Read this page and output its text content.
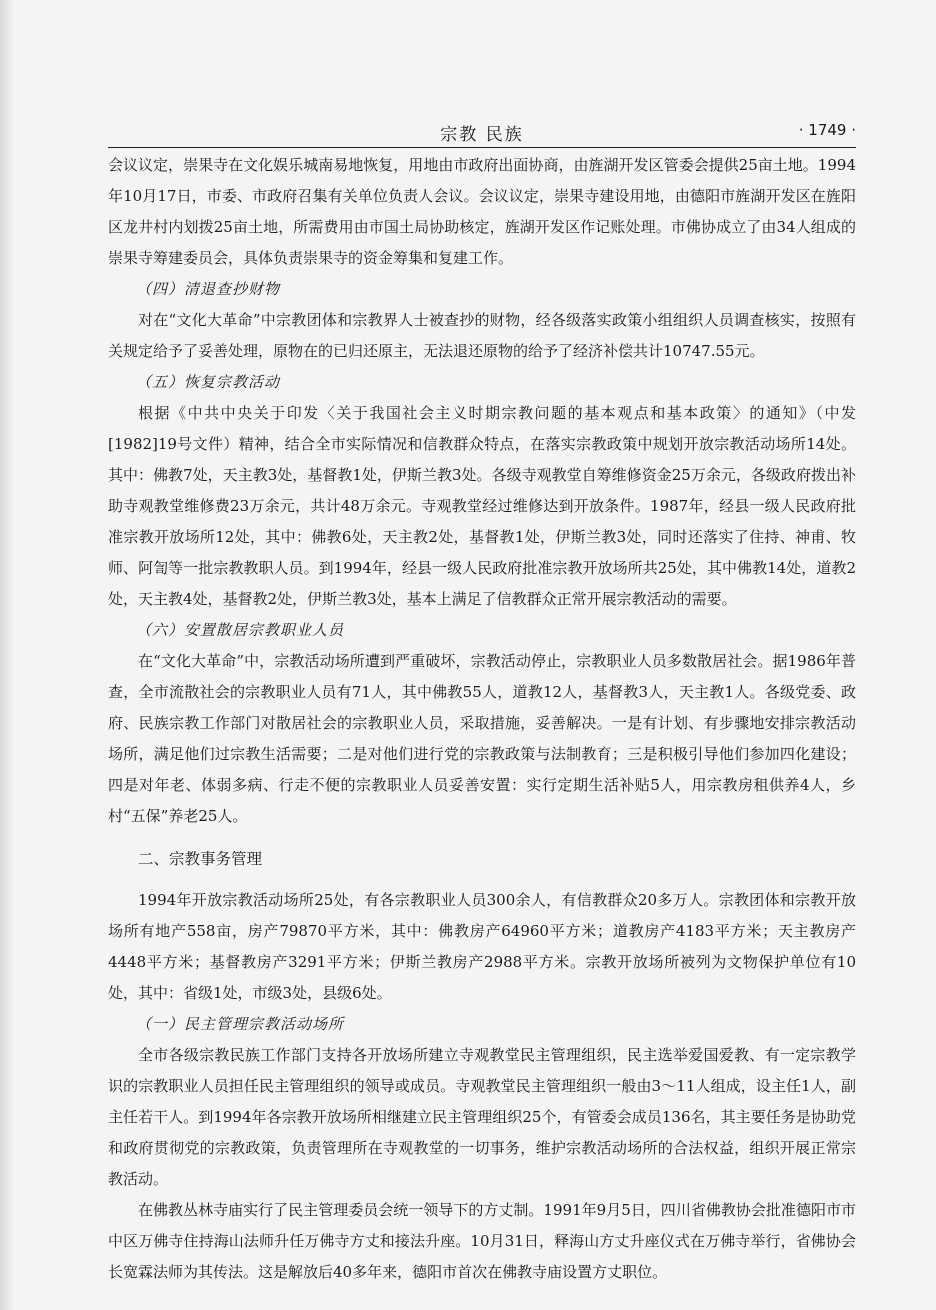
宗教 民族	· 1749 ·

会议议定，崇果寺在文化娱乐城南易地恢复，用地由市政府出面协商，由旌湖开发区管委会提供25亩土地。1994年10月17日，市委、市政府召集有关单位负责人会议。会议议定，崇果寺建设用地，由德阳市旌湖开发区在旌阳区龙井村内划拨25亩土地，所需费用由市国土局协助核定，旌湖开发区作记账处理。市佛协成立了由34人组成的崇果寺筹建委员会，具体负责崇果寺的资金筹集和复建工作。

（四）清退查抄财物

对在“文化大革命”中宗教团体和宗教界人士被查抄的财物，经各级落实政策小组组织人员调查核实，按照有关规定给予了妥善处理，原物在的已归还原主，无法退还原物的给予了经济补偿共计10747.55元。

（五）恢复宗教活动

根据《中共中央关于印发〈关于我国社会主义时期宗教问题的基本观点和基本政策〉的通知》（中发[1982]19号文件）精神，结合全市实际情况和信教群众特点，在落实宗教政策中规划开放宗教活动场所14处。其中：佛教7处，天主教3处，基督教1处，伊斯兰教3处。各级寺观教堂自筹维修资金25万余元，各级政府拨出补助寺观教堂维修费23万余元，共计48万余元。寺观教堂经过维修达到开放条件。1987年，经县一级人民政府批准宗教开放场所12处，其中：佛教6处，天主教2处，基督教1处，伊斯兰教3处，同时还落实了住持、神甫、牧师、阿訇等一批宗教教职人员。到1994年，经县一级人民政府批准宗教开放场所共25处，其中佛教14处，道教2处，天主教4处，基督教2处，伊斯兰教3处，基本上满足了信教群众正常开展宗教活动的需要。

（六）安置散居宗教职业人员

在“文化大革命”中，宗教活动场所遭到严重破坏，宗教活动停止，宗教职业人员多数散居社会。据1986年普查，全市流散社会的宗教职业人员有71人，其中佛教55人，道教12人，基督教3人，天主教1人。各级党委、政府、民族宗教工作部门对散居社会的宗教职业人员，采取措施，妥善解决。一是有计划、有步骤地安排宗教活动场所，满足他们过宗教生活需要；二是对他们进行党的宗教政策与法制教育；三是积极引导他们参加四化建设；四是对年老、体弱多病、行走不便的宗教职业人员妥善安置：实行定期生活补贴5人，用宗教房租供养4人，乡村“五保”养老25人。

二、宗教事务管理

1994年开放宗教活动场所25处，有各宗教职业人员300余人，有信教群众20多万人。宗教团体和宗教开放场所有地产558亩，房产79870平方米，其中：佛教房产64960平方米；道教房产4183平方米；天主教房产4448平方米；基督教房产3291平方米；伊斯兰教房产2988平方米。宗教开放场所被列为文物保护单位有10处，其中：省级1处，市级3处，县级6处。

（一）民主管理宗教活动场所

全市各级宗教民族工作部门支持各开放场所建立寺观教堂民主管理组织，民主选举爱国爱教、有一定宗教学识的宗教职业人员担任民主管理组织的领导或成员。寺观教堂民主管理组织一般由3～11人组成，设主任1人，副主任若干人。到1994年各宗教开放场所相继建立民主管理组织25个，有管委会成员136名，其主要任务是协助党和政府贯彻党的宗教政策，负责管理所在寺观教堂的一切事务，维护宗教活动场所的合法权益，组织开展正常宗教活动。

在佛教丛林寺庙实行了民主管理委员会统一领导下的方丈制。1991年9月5日，四川省佛教协会批准德阳市市中区万佛寺住持海山法师升任万佛寺方丈和接法升座。10月31日，释海山方丈升座仪式在万佛寺举行，省佛协会长宽霖法师为其传法。这是解放后40多年来，德阳市首次在佛教寺庙设置方丈职位。
